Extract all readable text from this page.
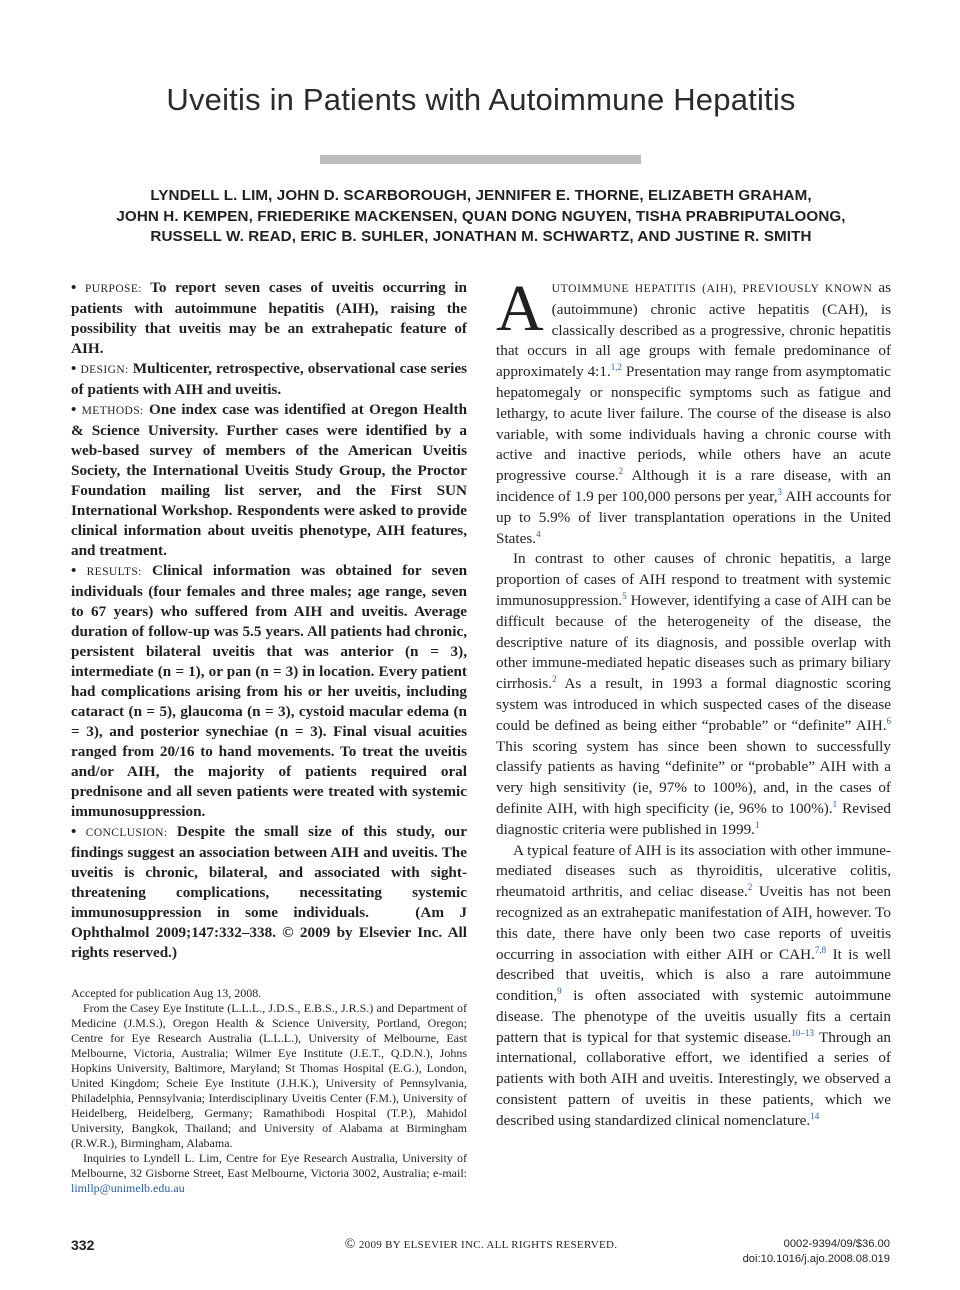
Uveitis in Patients with Autoimmune Hepatitis
LYNDELL L. LIM, JOHN D. SCARBOROUGH, JENNIFER E. THORNE, ELIZABETH GRAHAM,
JOHN H. KEMPEN, FRIEDERIKE MACKENSEN, QUAN DONG NGUYEN, TISHA PRABRIPUTALOONG,
RUSSELL W. READ, ERIC B. SUHLER, JONATHAN M. SCHWARTZ, AND JUSTINE R. SMITH

• PURPOSE: To report seven cases of uveitis occurring in patients with autoimmune hepatitis (AIH), raising the possibility that uveitis may be an extrahepatic feature of AIH.

• DESIGN: Multicenter, retrospective, observational case series of patients with AIH and uveitis.

• METHODS: One index case was identified at Oregon Health & Science University. Further cases were identified by a web-based survey of members of the American Uveitis Society, the International Uveitis Study Group, the Proctor Foundation mailing list server, and the First SUN International Workshop. Respondents were asked to provide clinical information about uveitis phenotype, AIH features, and treatment.

• RESULTS: Clinical information was obtained for seven individuals (four females and three males; age range, seven to 67 years) who suffered from AIH and uveitis. Average duration of follow-up was 5.5 years. All patients had chronic, persistent bilateral uveitis that was anterior (n = 3), intermediate (n = 1), or pan (n = 3) in location. Every patient had complications arising from his or her uveitis, including cataract (n = 5), glaucoma (n = 3), cystoid macular edema (n = 3), and posterior synechiae (n = 3). Final visual acuities ranged from 20/16 to hand movements. To treat the uveitis and/or AIH, the majority of patients required oral prednisone and all seven patients were treated with systemic immunosuppression.

• CONCLUSION: Despite the small size of this study, our findings suggest an association between AIH and uveitis. The uveitis is chronic, bilateral, and associated with sight-threatening complications, necessitating systemic immunosuppression in some individuals.	(Am J Ophthalmol 2009;147:332–338. © 2009 by Elsevier Inc. All rights reserved.)

Accepted for publication Aug 13, 2008.

From the Casey Eye Institute (L.L.L., J.D.S., E.B.S., J.R.S.) and Department of Medicine (J.M.S.), Oregon Health & Science University, Portland, Oregon; Centre for Eye Research Australia (L.L.L.), University of Melbourne, East Melbourne, Victoria, Australia; Wilmer Eye Institute (J.E.T., Q.D.N.), Johns Hopkins University, Baltimore, Maryland; St Thomas Hospital (E.G.), London, United Kingdom; Scheie Eye Institute (J.H.K.), University of Pennsylvania, Philadelphia, Pennsylvania; Interdisciplinary Uveitis Center (F.M.), University of Heidelberg, Heidelberg, Germany; Ramathibodi Hospital (T.P.), Mahidol University, Bangkok, Thailand; and University of Alabama at Birmingham (R.W.R.), Birmingham, Alabama.

Inquiries to Lyndell L. Lim, Centre for Eye Research Australia, University of Melbourne, 32 Gisborne Street, East Melbourne, Victoria 3002, Australia; e-mail: limllp@unimelb.edu.au

AUTOIMMUNE HEPATITIS (AIH), PREVIOUSLY KNOWN as (autoimmune) chronic active hepatitis (CAH), is classically described as a progressive, chronic hepatitis that occurs in all age groups with female predominance of approximately 4:1.$^{1,2}$ Presentation may range from asymptomatic hepatomegaly or nonspecific symptoms such as fatigue and lethargy, to acute liver failure. The course of the disease is also variable, with some individuals having a chronic course with active and inactive periods, while others have an acute progressive course.$^2$ Although it is a rare disease, with an incidence of 1.9 per 100,000 persons per year,$^3$ AIH accounts for up to 5.9% of liver transplantation operations in the United States.$^4$

In contrast to other causes of chronic hepatitis, a large proportion of cases of AIH respond to treatment with systemic immunosuppression.$^5$ However, identifying a case of AIH can be difficult because of the heterogeneity of the disease, the descriptive nature of its diagnosis, and possible overlap with other immune-mediated hepatic diseases such as primary biliary cirrhosis.$^2$ As a result, in 1993 a formal diagnostic scoring system was introduced in which suspected cases of the disease could be defined as being either “probable” or “definite” AIH.$^6$ This scoring system has since been shown to successfully classify patients as having “definite” or “probable” AIH with a very high sensitivity (ie, 97% to 100%), and, in the cases of definite AIH, with high specificity (ie, 96% to 100%).$^1$ Revised diagnostic criteria were published in 1999.$^1$

A typical feature of AIH is its association with other immune-mediated diseases such as thyroiditis, ulcerative colitis, rheumatoid arthritis, and celiac disease.$^2$ Uveitis has not been recognized as an extrahepatic manifestation of AIH, however. To this date, there have only been two case reports of uveitis occurring in association with either AIH or CAH.$^{7,8}$ It is well described that uveitis, which is also a rare autoimmune condition,$^9$ is often associated with systemic autoimmune disease. The phenotype of the uveitis usually fits a certain pattern that is typical for that systemic disease.$^{10-13}$ Through an international, collaborative effort, we identified a series of patients with both AIH and uveitis. Interestingly, we observed a consistent pattern of uveitis in these patients, which we described using standardized clinical nomenclature.$^{14}$

332	© 2009 BY ELSEVIER INC. ALL RIGHTS RESERVED.	0002-9394/09/$36.00
doi:10.1016/j.ajo.2008.08.019
